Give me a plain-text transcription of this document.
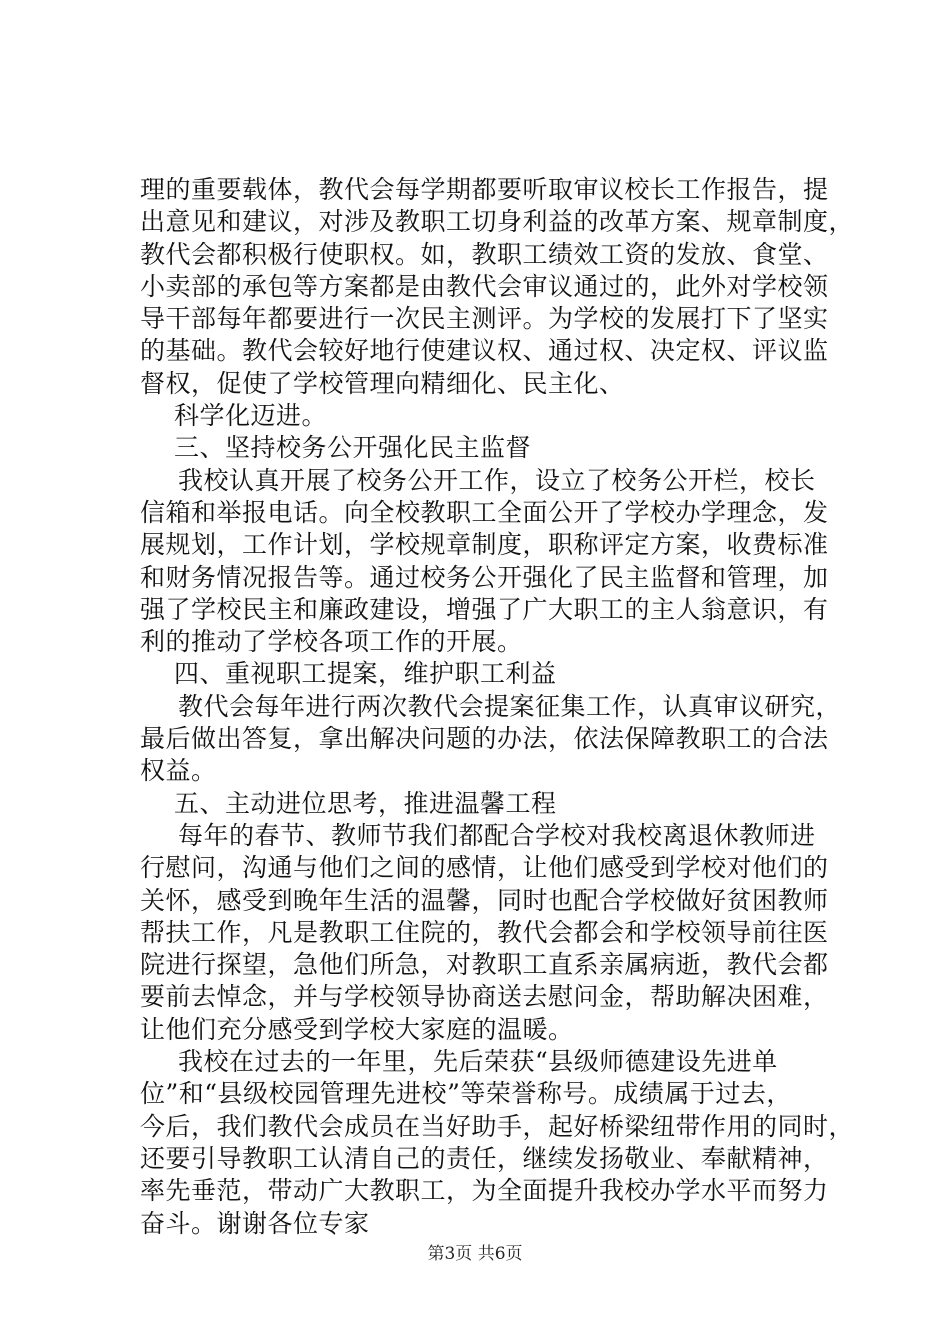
理的重要载体，教代会每学期都要听取审议校长工作报告，提
出意见和建议，对涉及教职工切身利益的改革方案、规章制度，
教代会都积极行使职权。如，教职工绩效工资的发放、食堂、
小卖部的承包等方案都是由教代会审议通过的，此外对学校领
导干部每年都要进行一次民主测评。为学校的发展打下了坚实
的基础。教代会较好地行使建议权、通过权、决定权、评议监
督权，促使了学校管理向精细化、民主化、
科学化迈进。
三、坚持校务公开强化民主监督
我校认真开展了校务公开工作，设立了校务公开栏，校长
信箱和举报电话。向全校教职工全面公开了学校办学理念，发
展规划，工作计划，学校规章制度，职称评定方案，收费标准
和财务情况报告等。通过校务公开强化了民主监督和管理，加
强了学校民主和廉政建设，增强了广大职工的主人翁意识，有
利的推动了学校各项工作的开展。
四、重视职工提案，维护职工利益
教代会每年进行两次教代会提案征集工作，认真审议研究，
最后做出答复，拿出解决问题的办法，依法保障教职工的合法
权益。
五、主动进位思考，推进温馨工程
每年的春节、教师节我们都配合学校对我校离退休教师进
行慰问，沟通与他们之间的感情，让他们感受到学校对他们的
关怀，感受到晚年生活的温馨，同时也配合学校做好贫困教师
帮扶工作，凡是教职工住院的，教代会都会和学校领导前往医
院进行探望，急他们所急，对教职工直系亲属病逝，教代会都
要前去悼念，并与学校领导协商送去慰问金，帮助解决困难，
让他们充分感受到学校大家庭的温暖。
我校在过去的一年里，先后荣获“县级师德建设先进单
位”和“县级校园管理先进校”等荣誉称号。成绩属于过去，
今后，我们教代会成员在当好助手，起好桥梁纽带作用的同时，
还要引导教职工认清自己的责任，继续发扬敬业、奉献精神，
率先垂范，带动广大教职工，为全面提升我校办学水平而努力
奋斗。谢谢各位专家
第3页 共6页
